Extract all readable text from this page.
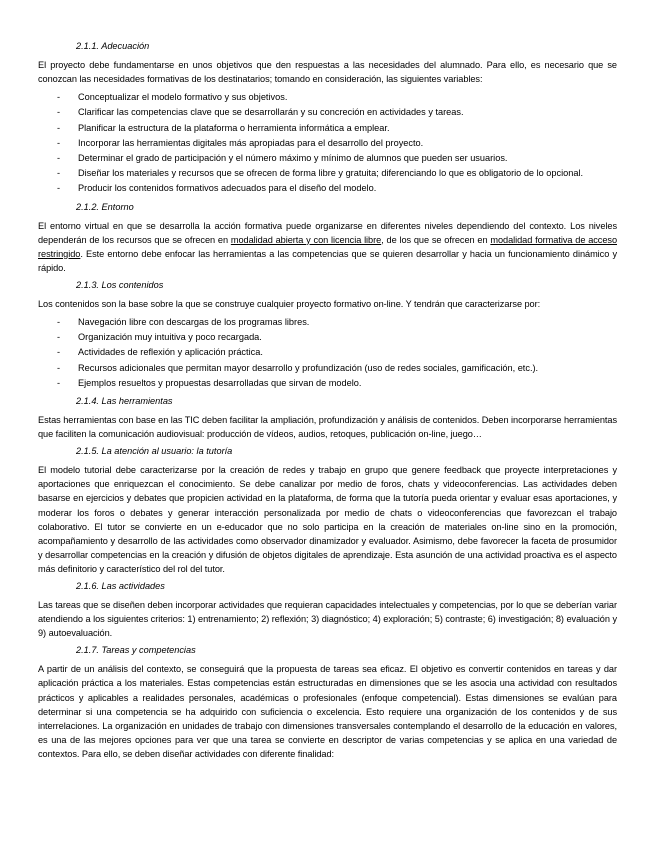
2.1.1. Adecuación

El proyecto debe fundamentarse en unos objetivos que den respuestas a las necesidades del alumnado. Para ello, es necesario que se conozcan las necesidades formativas de los destinatarios; tomando en consideración, las siguientes variables:

- Conceptualizar el modelo formativo y sus objetivos.
- Clarificar las competencias clave que se desarrollarán y su concreción en actividades y tareas.
- Planificar la estructura de la plataforma o herramienta informática a emplear.
- Incorporar las herramientas digitales más apropiadas para el desarrollo del proyecto.
- Determinar el grado de participación y el número máximo y mínimo de alumnos que pueden ser usuarios.
- Diseñar los materiales y recursos que se ofrecen de forma libre y gratuita; diferenciando lo que es obligatorio de lo opcional.
- Producir los contenidos formativos adecuados para el diseño del modelo.
2.1.2. Entorno

El entorno virtual en que se desarrolla la acción formativa puede organizarse en diferentes niveles dependiendo del contexto. Los niveles dependerán de los recursos que se ofrecen en modalidad abierta y con licencia libre, de los que se ofrecen en modalidad formativa de acceso restringido. Este entorno debe enfocar las herramientas a las competencias que se quieren desarrollar y hacia un funcionamiento dinámico y rápido.

2.1.3. Los contenidos

Los contenidos son la base sobre la que se construye cualquier proyecto formativo on-line. Y tendrán que caracterizarse por:

- Navegación libre con descargas de los programas libres.
- Organización muy intuitiva y poco recargada.
- Actividades de reflexión y aplicación práctica.
- Recursos adicionales que permitan mayor desarrollo y profundización (uso de redes sociales, gamificación, etc.).
- Ejemplos resueltos y propuestas desarrolladas que sirvan de modelo.
2.1.4. Las herramientas

Estas herramientas con base en las TIC deben facilitar la ampliación, profundización y análisis de contenidos. Deben incorporarse herramientas que faciliten la comunicación audiovisual: producción de vídeos, audios, retoques, publicación on-line, juego…

2.1.5. La atención al usuario: la tutoría

El modelo tutorial debe caracterizarse por la creación de redes y trabajo en grupo que genere feedback que proyecte interpretaciones y aportaciones que enriquezcan el conocimiento. Se debe canalizar por medio de foros, chats y videoconferencias. Las actividades deben basarse en ejercicios y debates que propicien actividad en la plataforma, de forma que la tutoría pueda orientar y evaluar esas aportaciones, y moderar los foros o debates y generar interacción personalizada por medio de chats o videoconferencias que favorezcan el trabajo colaborativo. El tutor se convierte en un e-educador que no solo participa en la creación de materiales on-line sino en la promoción, acompañamiento y desarrollo de las actividades como observador dinamizador y evaluador. Asimismo, debe favorecer la faceta de prosumidor y desarrollar competencias en la creación y difusión de objetos digitales de aprendizaje. Esta asunción de una actividad proactiva es el aspecto más definitorio y característico del rol del tutor.

2.1.6. Las actividades

Las tareas que se diseñen deben incorporar actividades que requieran capacidades intelectuales y competencias, por lo que se deberían variar atendiendo a los siguientes criterios: 1) entrenamiento; 2) reflexión; 3) diagnóstico; 4) exploración; 5) contraste; 6) investigación; 8) evaluación y 9) autoevaluación.

2.1.7. Tareas y competencias

A partir de un análisis del contexto, se conseguirá que la propuesta de tareas sea eficaz. El objetivo es convertir contenidos en tareas y dar aplicación práctica a los materiales. Estas competencias están estructuradas en dimensiones que se les asocia una actividad con resultados prácticos y aplicables a realidades personales, académicas o profesionales (enfoque competencial). Estas dimensiones se evalúan para determinar si una competencia se ha adquirido con suficiencia o excelencia. Esto requiere una organización de los contenidos y de sus interrelaciones. La organización en unidades de trabajo con dimensiones transversales contemplando el desarrollo de la educación en valores, es una de las mejores opciones para ver que una tarea se convierte en descriptor de varias competencias y se aplica en una variedad de contextos. Para ello, se deben diseñar actividades con diferente finalidad:
